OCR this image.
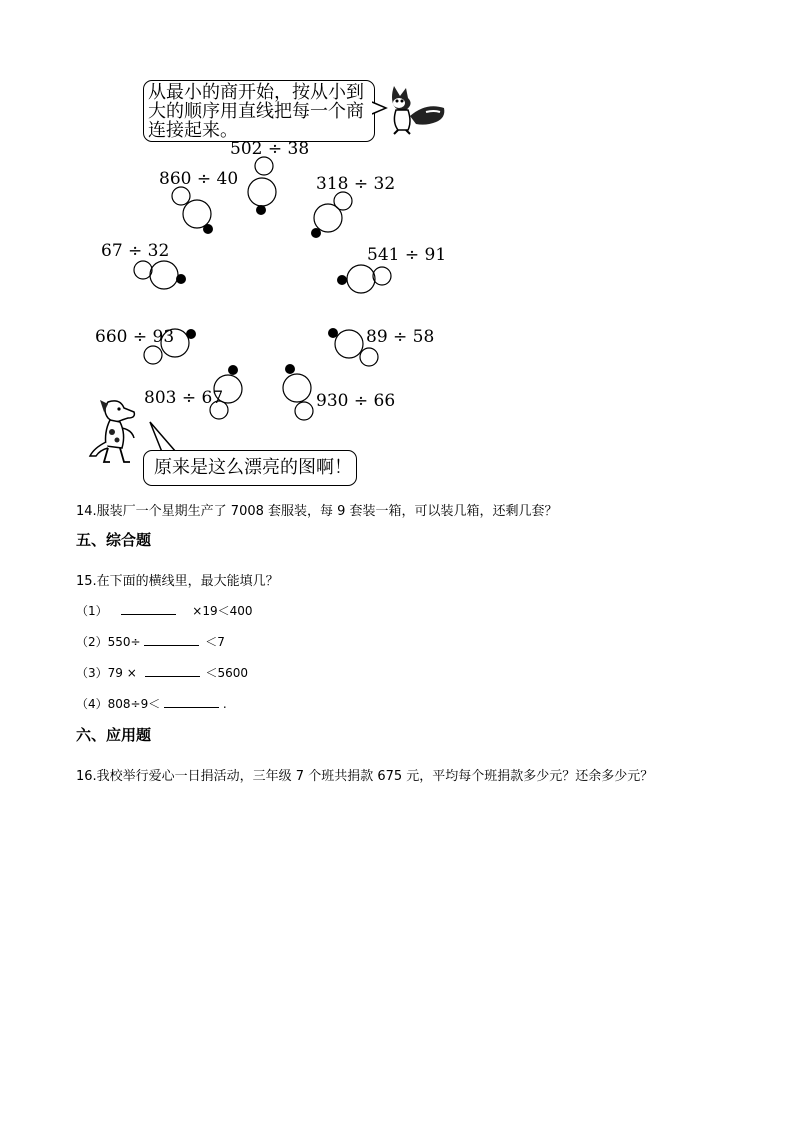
从最小的商开始，按从小到
大的顺序用直线把每一个商
连接起来。
502 ÷ 38
860 ÷ 40	318 ÷ 32
67 ÷ 32	541 ÷ 91
660 ÷ 93	89 ÷ 58
803 ÷ 67	930 ÷ 66
原来是这么漂亮的图啊！
14.服装厂一个星期生产了 7008 套服装，每 9 套装一箱，可以装几箱，还剩几套？
五、综合题
15.在下面的横线里，最大能填几？
（1）	×19＜400
（2）550÷	＜7
（3）79 ×	＜5600
（4）808÷9＜	.
六、应用题
16.我校举行爱心一日捐活动，三年级 7 个班共捐款 675 元，平均每个班捐款多少元？还余多少元？
